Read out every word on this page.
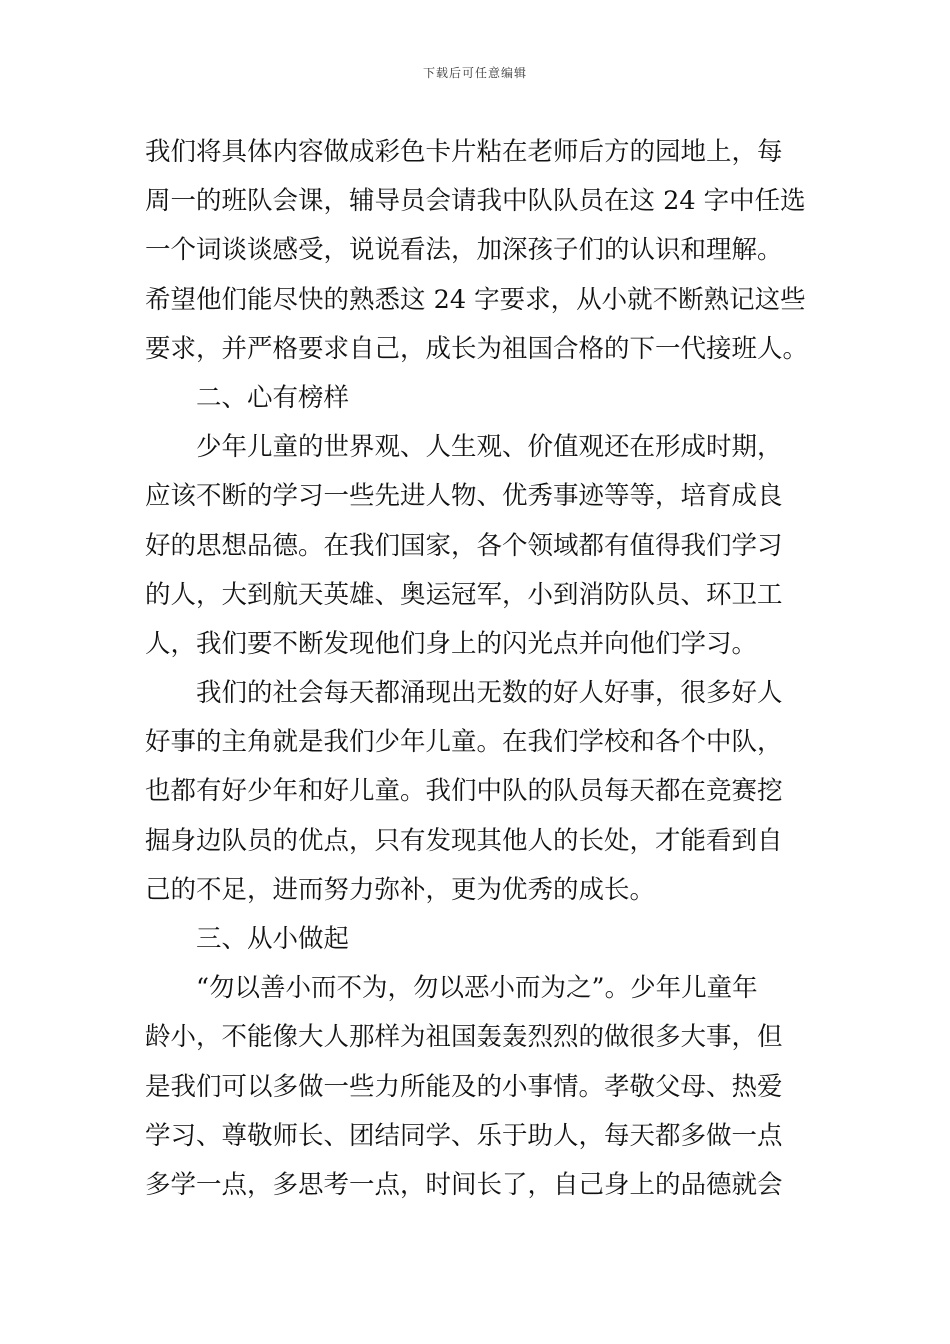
下载后可任意编辑
我们将具体内容做成彩色卡片粘在老师后方的园地上，每
周一的班队会课，辅导员会请我中队队员在这 24 字中任选
一个词谈谈感受，说说看法，加深孩子们的认识和理解。
希望他们能尽快的熟悉这 24 字要求，从小就不断熟记这些
要求，并严格要求自己，成长为祖国合格的下一代接班人。
二、心有榜样
少年儿童的世界观、人生观、价值观还在形成时期，
应该不断的学习一些先进人物、优秀事迹等等，培育成良
好的思想品德。在我们国家，各个领域都有值得我们学习
的人，大到航天英雄、奥运冠军，小到消防队员、环卫工
人，我们要不断发现他们身上的闪光点并向他们学习。
我们的社会每天都涌现出无数的好人好事，很多好人
好事的主角就是我们少年儿童。在我们学校和各个中队，
也都有好少年和好儿童。我们中队的队员每天都在竞赛挖
掘身边队员的优点，只有发现其他人的长处，才能看到自
己的不足，进而努力弥补，更为优秀的成长。
三、从小做起
“勿以善小而不为，勿以恶小而为之”。少年儿童年
龄小，不能像大人那样为祖国轰轰烈烈的做很多大事，但
是我们可以多做一些力所能及的小事情。孝敬父母、热爱
学习、尊敬师长、团结同学、乐于助人，每天都多做一点
多学一点，多思考一点，时间长了，自己身上的品德就会
